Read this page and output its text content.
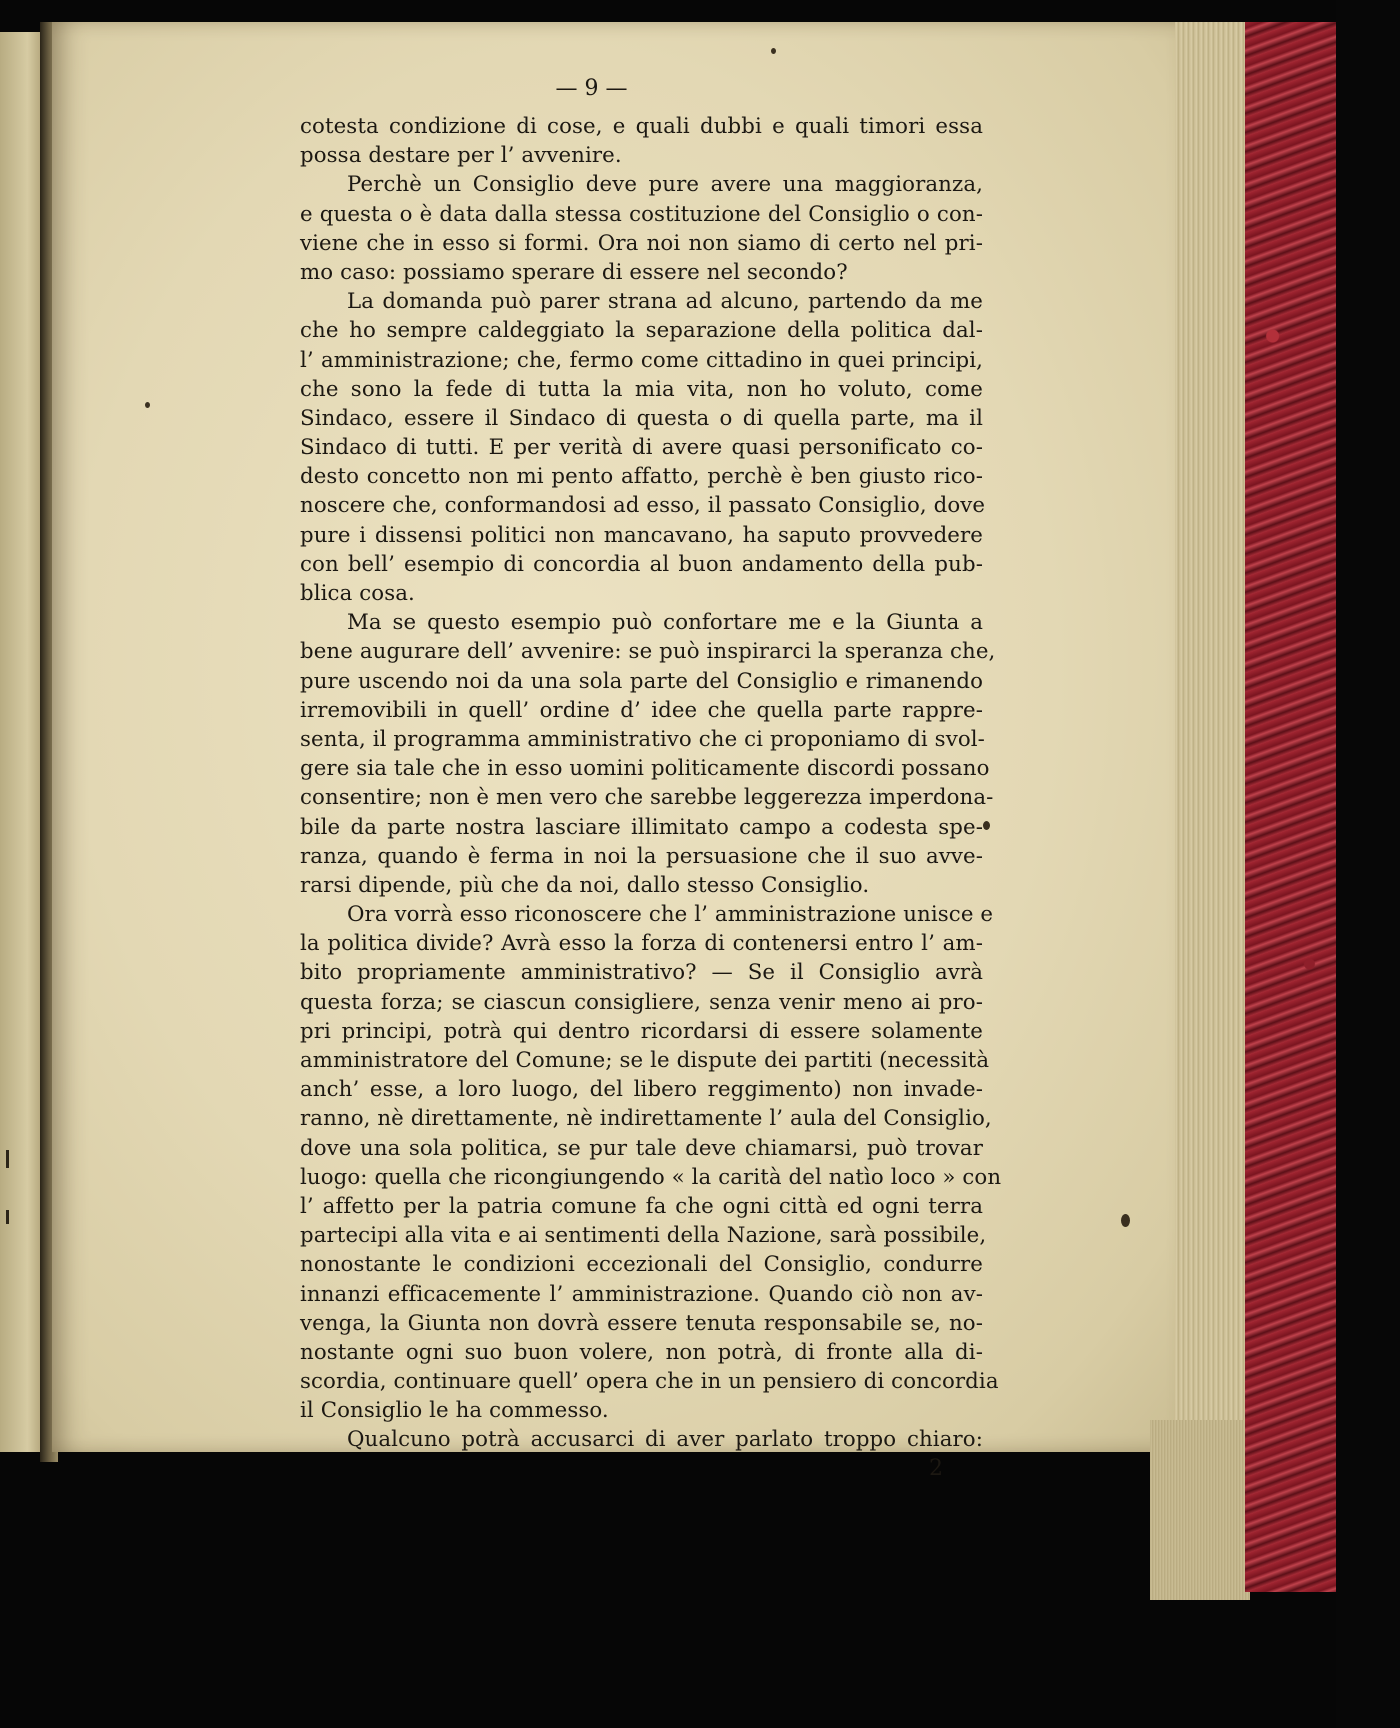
— 9 —
cotesta condizione di cose, e quali dubbi e quali timori essa
possa destare per l’ avvenire.
Perchè un Consiglio deve pure avere una maggioranza,
e questa o è data dalla stessa costituzione del Consiglio o con-
viene che in esso si formi. Ora noi non siamo di certo nel pri-
mo caso: possiamo sperare di essere nel secondo?
La domanda può parer strana ad alcuno, partendo da me
che ho sempre caldeggiato la separazione della politica dal-
l’ amministrazione; che, fermo come cittadino in quei principi,
che sono la fede di tutta la mia vita, non ho voluto, come
Sindaco, essere il Sindaco di questa o di quella parte, ma il
Sindaco di tutti. E per verità di avere quasi personificato co-
desto concetto non mi pento affatto, perchè è ben giusto rico-
noscere che, conformandosi ad esso, il passato Consiglio, dove
pure i dissensi politici non mancavano, ha saputo provvedere
con bell’ esempio di concordia al buon andamento della pub-
blica cosa.
Ma se questo esempio può confortare me e la Giunta a
bene augurare dell’ avvenire: se può inspirarci la speranza che,
pure uscendo noi da una sola parte del Consiglio e rimanendo
irremovibili in quell’ ordine d’ idee che quella parte rappre-
senta, il programma amministrativo che ci proponiamo di svol-
gere sia tale che in esso uomini politicamente discordi possano
consentire; non è men vero che sarebbe leggerezza imperdona-
bile da parte nostra lasciare illimitato campo a codesta spe-
ranza, quando è ferma in noi la persuasione che il suo avve-
rarsi dipende, più che da noi, dallo stesso Consiglio.
Ora vorrà esso riconoscere che l’ amministrazione unisce e
la politica divide? Avrà esso la forza di contenersi entro l’ am-
bito propriamente amministrativo? — Se il Consiglio avrà
questa forza; se ciascun consigliere, senza venir meno ai pro-
pri principi, potrà qui dentro ricordarsi di essere solamente
amministratore del Comune; se le dispute dei partiti (necessità
anch’ esse, a loro luogo, del libero reggimento) non invade-
ranno, nè direttamente, nè indirettamente l’ aula del Consiglio,
dove una sola politica, se pur tale deve chiamarsi, può trovar
luogo: quella che ricongiungendo « la carità del natìo loco » con
l’ affetto per la patria comune fa che ogni città ed ogni terra
partecipi alla vita e ai sentimenti della Nazione, sarà possibile,
nonostante le condizioni eccezionali del Consiglio, condurre
innanzi efficacemente l’ amministrazione. Quando ciò non av-
venga, la Giunta non dovrà essere tenuta responsabile se, no-
nostante ogni suo buon volere, non potrà, di fronte alla di-
scordia, continuare quell’ opera che in un pensiero di concordia
il Consiglio le ha commesso.
Qualcuno potrà accusarci di aver parlato troppo chiaro:
2
